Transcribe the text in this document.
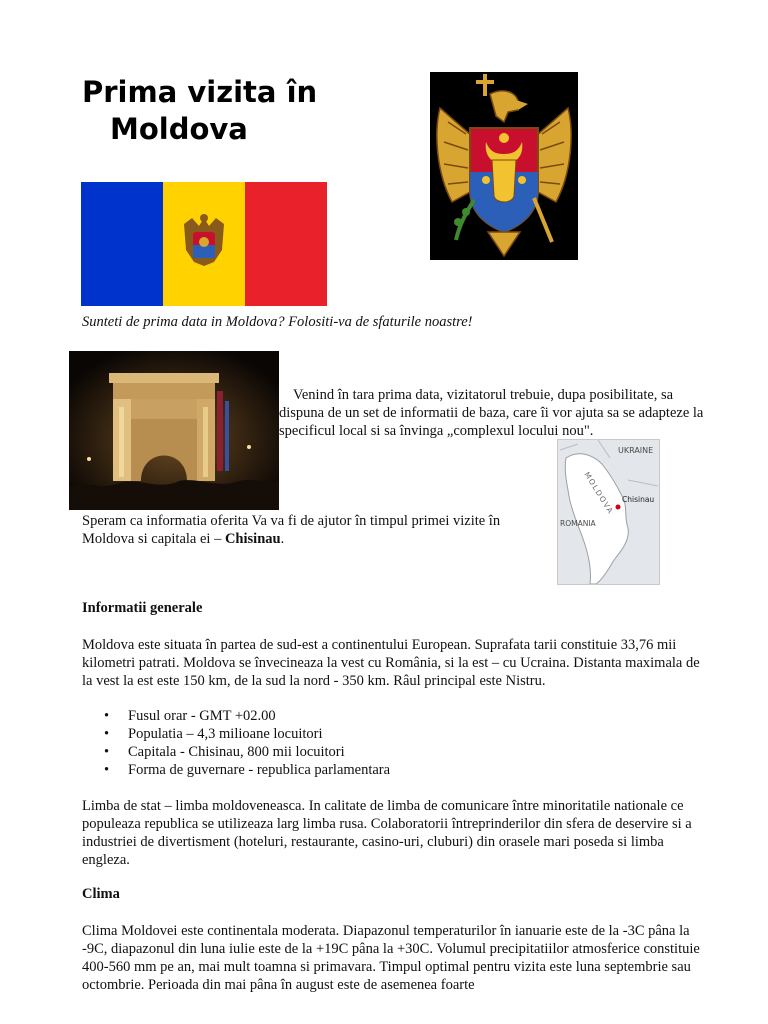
Prima vizita în
Moldova
Sunteti de prima data in Moldova? Folositi-va de sfaturile noastre!
Venind în tara prima data, vizitatorul trebuie, dupa posibilitate, sa dispuna de un set de informatii de baza, care îi vor ajuta sa se adapteze la specificul local si sa învinga „complexul locului nou".
UKRAINE
ROMANIA
MOLDOVA Chisinau
Speram ca informatia oferita Va va fi de ajutor în timpul primei vizite în Moldova si capitala ei – Chisinau.
Informatii generale
Moldova este situata în partea de sud-est a continentului European. Suprafata tarii constituie 33,76 mii kilometri patrati. Moldova se învecineaza la vest cu România, si la est – cu Ucraina. Distanta maximala de la vest la est este 150 km, de la sud la nord - 350 km. Râul principal este Nistru.
• Fusul orar - GMT +02.00
• Populatia – 4,3 milioane locuitori
• Capitala - Chisinau, 800 mii locuitori
• Forma de guvernare - republica parlamentara
Limba de stat – limba moldoveneasca. In calitate de limba de comunicare între minoritatile nationale ce populeaza republica se utilizeaza larg limba rusa. Colaboratorii întreprinderilor din sfera de deservire si a industriei de divertisment (hoteluri, restaurante, casino-uri, cluburi) din orasele mari poseda si limba engleza.
Clima
Clima Moldovei este continentala moderata. Diapazonul temperaturilor în ianuarie este de la -3C pâna la -9C, diapazonul din luna iulie este de la +19C pâna la +30C. Volumul precipitatiilor atmosferice constituie 400-560 mm pe an, mai mult toamna si primavara. Timpul optimal pentru vizita este luna septembrie sau octombrie. Perioada din mai pâna în august este de asemenea foarte
